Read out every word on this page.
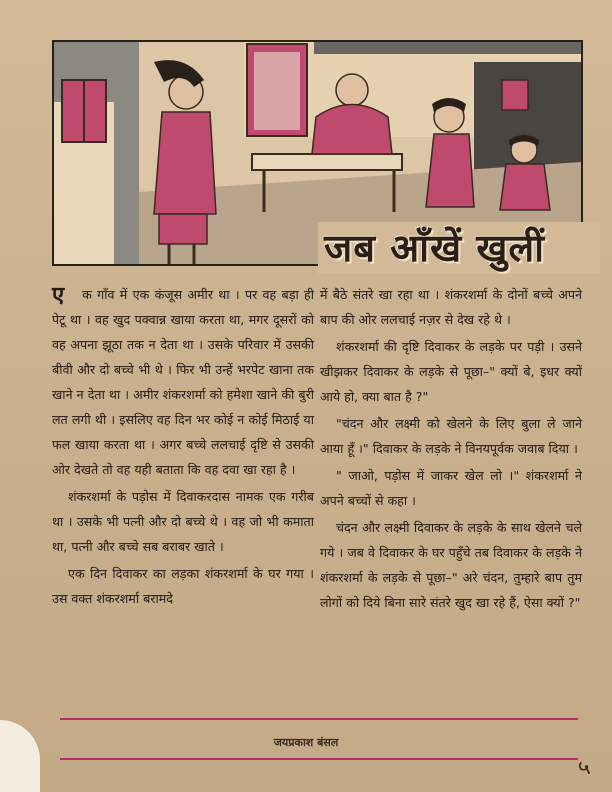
जब आँखें खुलीं

ए क गाँव में एक कंजूस अमीर था । पर वह बड़ा ही पेटू था । वह खुद पक्वान्न खाया करता था, मगर दूसरों को वह अपना झूठा तक न देता था । उसके परिवार में उसकी बीवी और दो बच्चे भी थे । फिर भी उन्हें भरपेट खाना तक खाने न देता था । अमीर शंकरशर्मा को हमेशा खाने की बुरी लत लगी थी । इसलिए वह दिन भर कोई न कोई मिठाई या फल खाया करता था । अगर बच्चे ललचाई दृष्टि से उसकी ओर देखते तो वह यही बताता कि वह दवा खा रहा है ।

शंकरशर्मा के पड़ोस में दिवाकरदास नामक एक गरीब था । उसके भी पत्नी और दो बच्चे थे । वह जो भी कमाता था, पत्नी और बच्चे सब बराबर खाते ।

एक दिन दिवाकर का लड़का शंकरशर्मा के घर गया । उस वक्त शंकरशर्मा बरामदे

में बैठे संतरे खा रहा था । शंकरशर्मा के दोनों बच्चे अपने बाप की ओर ललचाई नज़र से देख रहे थे ।

शंकरशर्मा की दृष्टि दिवाकर के लड़के पर पड़ी । उसने खीझकर दिवाकर के लड़के से पूछा–" क्यों बे, इधर क्यों आये हो, क्या बात है ?"

"चंदन और लक्ष्मी को खेलने के लिए बुला ले जाने आया हूँ ।" दिवाकर के लड़के ने विनयपूर्वक जवाब दिया ।

" जाओ, पड़ोस में जाकर खेल लो ।" शंकरशर्मा ने अपने बच्चों से कहा ।

चंदन और लक्ष्मी दिवाकर के लड़के के साथ खेलने चले गये । जब वे दिवाकर के घर पहुँचे तब दिवाकर के लड़के ने शंकरशर्मा के लड़के से पूछा–" अरे चंदन, तुम्हारे बाप तुम लोगों को दिये बिना सारे संतरे खुद खा रहे हैं, ऐसा क्यों ?"

जयप्रकाश बंसल
५
